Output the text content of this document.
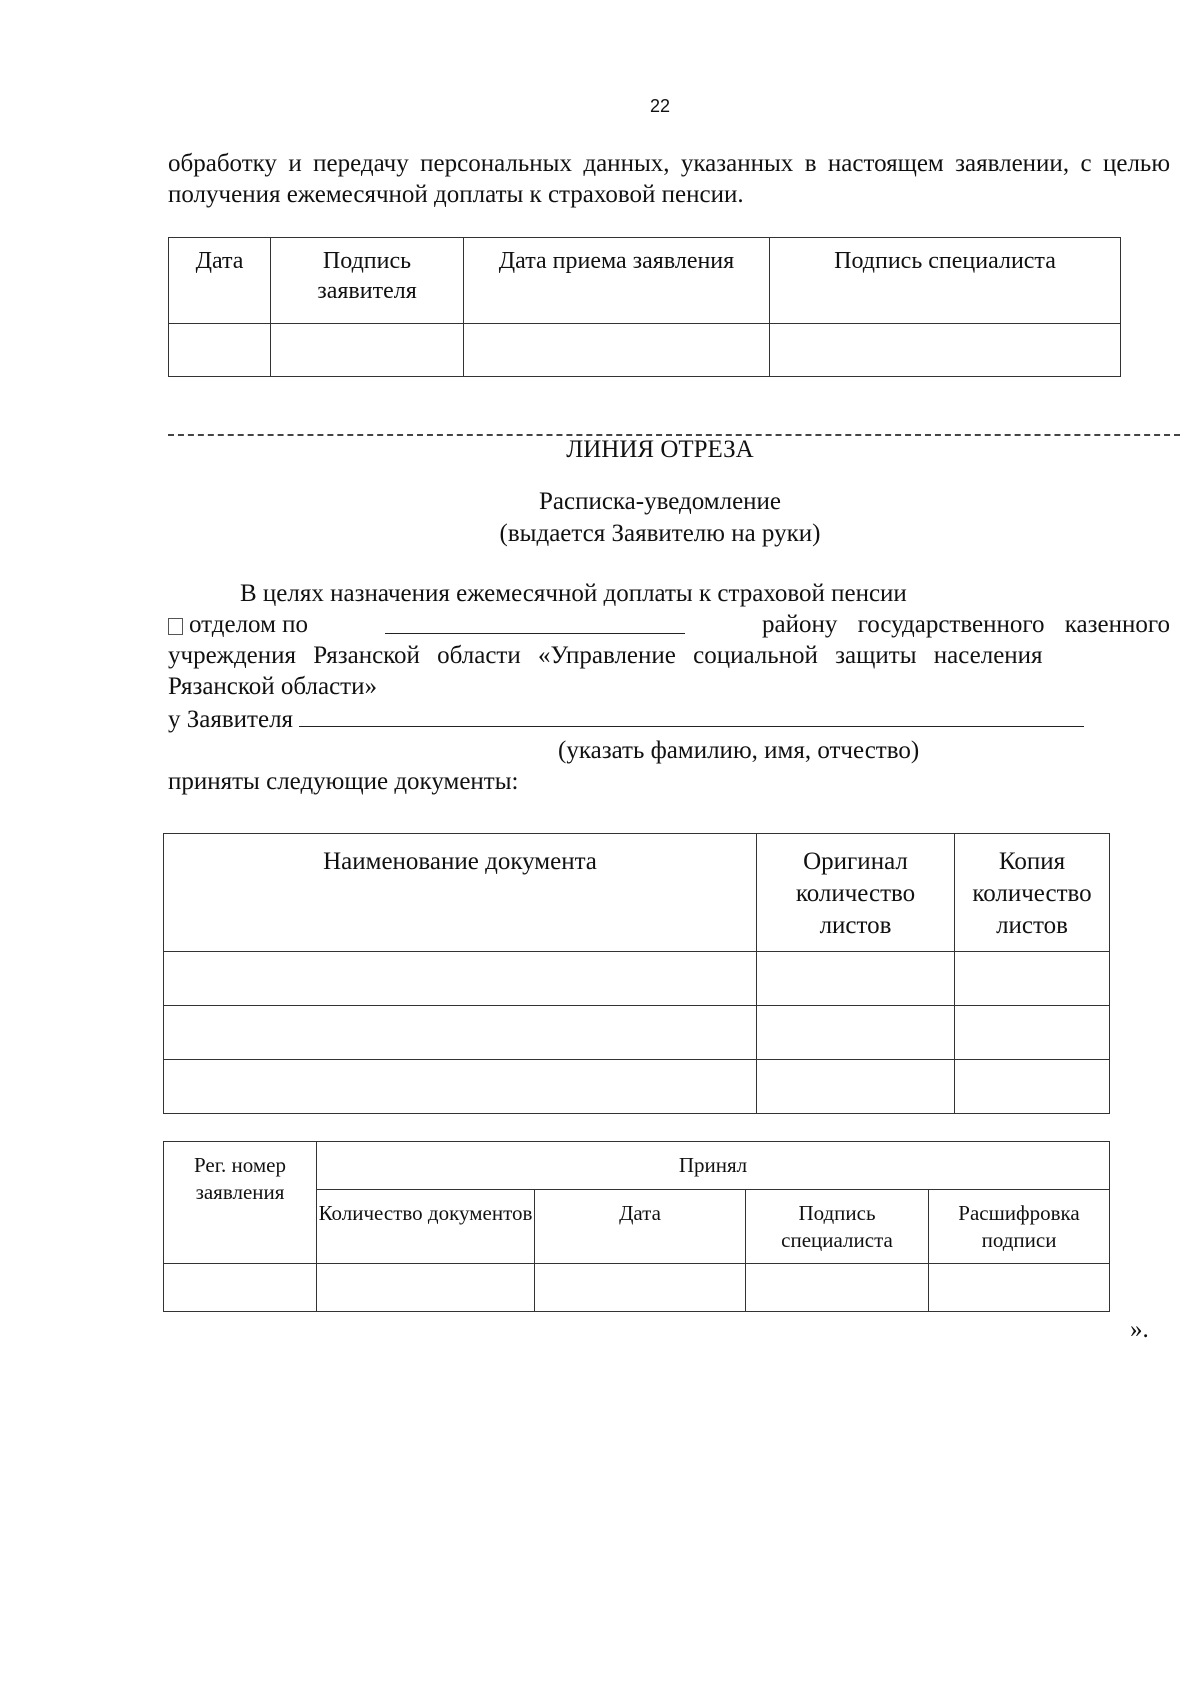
22
обработку и передачу персональных данных, указанных в настоящем заявлении, с целью получения ежемесячной доплаты к страховой пенсии.
Дата	Подпись заявителя	Дата приема заявления	Подпись специалиста

ЛИНИЯ ОТРЕЗА
Расписка-уведомление
(выдается Заявителю на руки)
В целях назначения ежемесячной доплаты к страховой пенсии
отделом по	району государственного казенного
учреждения Рязанской области «Управление социальной защиты населения
Рязанской области»
у Заявителя
(указать фамилию, имя, отчество)
приняты следующие документы:
Наименование документа	Оригинал количество листов	Копия количество листов

Рег. номер заявления	Принял			
	Количество документов	Дата	Подпись специалиста	Расшифровка подписи

».
